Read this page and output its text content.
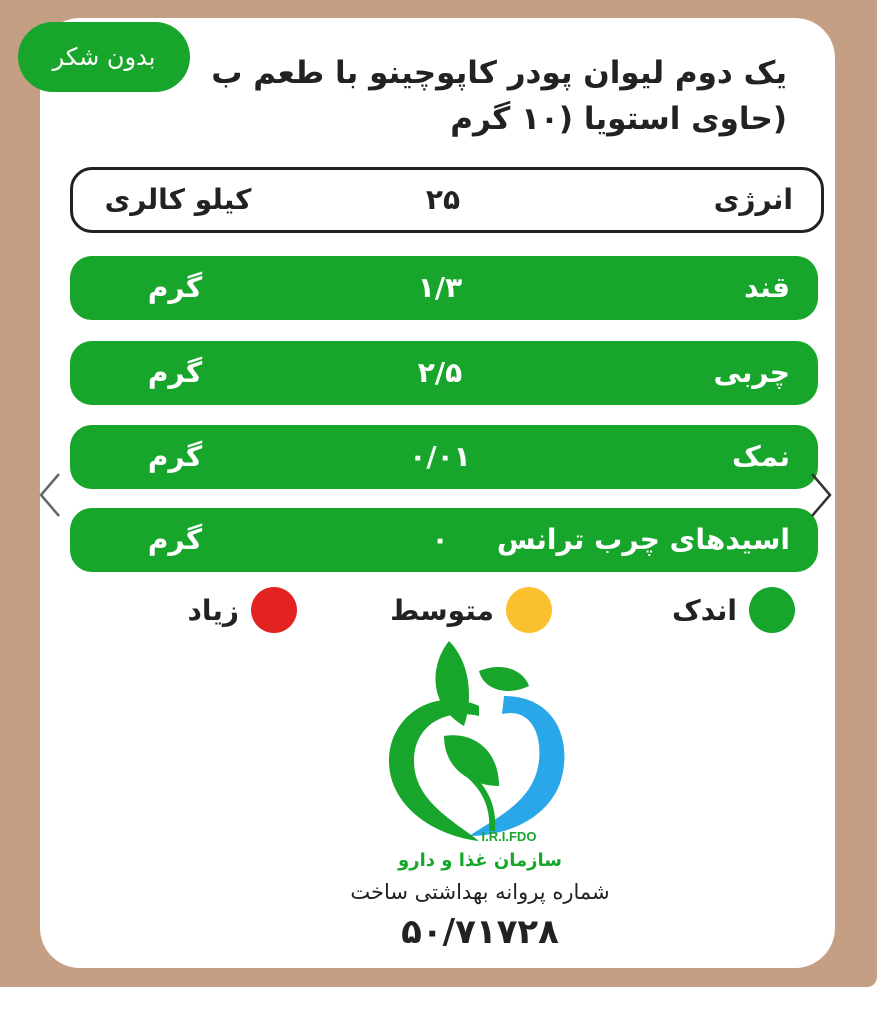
بدون شکر	یک دوم لیوان پودر کاپوچینو با طعم ب
(حاوی استویا (۱۰ گرم
انرژی
۲۵
کیلو کالری
قند
۱/۳
گرم
چربی
۲/۵
گرم
نمک
۰/۰۱
گرم
اسیدهای چرب ترانس
۰
گرم
اندک
متوسط
زیاد
I.R.I.FDO
سازمان غذا و دارو
شماره پروانه بهداشتی ساخت
۵۰/۷۱۷۲۸
